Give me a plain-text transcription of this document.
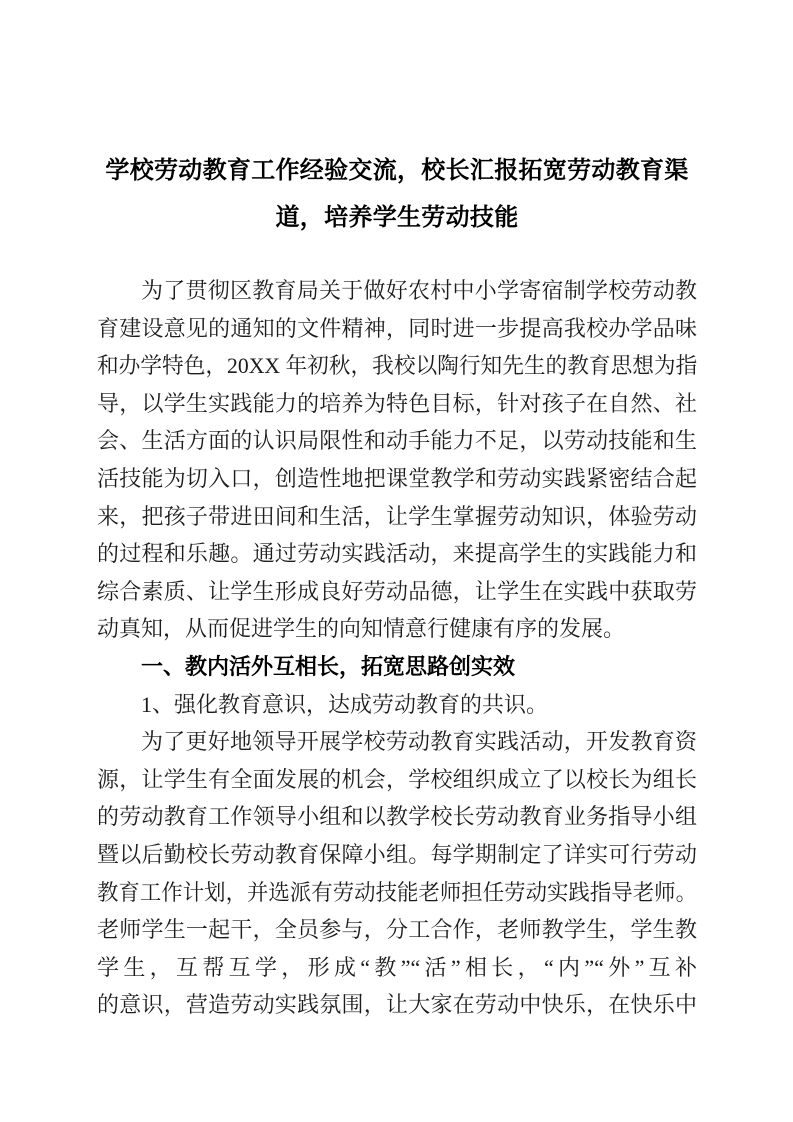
学校劳动教育工作经验交流，校长汇报拓宽劳动教育渠
道，培养学生劳动技能
为了贯彻区教育局关于做好农村中小学寄宿制学校劳动教
育建设意见的通知的文件精神，同时进一步提高我校办学品味
和办学特色，20XX 年初秋，我校以陶行知先生的教育思想为指
导，以学生实践能力的培养为特色目标，针对孩子在自然、社
会、生活方面的认识局限性和动手能力不足，以劳动技能和生
活技能为切入口，创造性地把课堂教学和劳动实践紧密结合起
来，把孩子带进田间和生活，让学生掌握劳动知识，体验劳动
的过程和乐趣。通过劳动实践活动，来提高学生的实践能力和
综合素质、让学生形成良好劳动品德，让学生在实践中获取劳
动真知，从而促进学生的向知情意行健康有序的发展。
一、教内活外互相长，拓宽思路创实效
1、强化教育意识，达成劳动教育的共识。
为了更好地领导开展学校劳动教育实践活动，开发教育资
源，让学生有全面发展的机会，学校组织成立了以校长为组长
的劳动教育工作领导小组和以教学校长劳动教育业务指导小组
暨以后勤校长劳动教育保障小组。每学期制定了详实可行劳动
教育工作计划，并选派有劳动技能老师担任劳动实践指导老师。
老师学生一起干，全员参与，分工合作，老师教学生，学生教
学生，互帮互学，形成“教”“活”相长，“内”“外”互补
的意识，营造劳动实践氛围，让大家在劳动中快乐，在快乐中
